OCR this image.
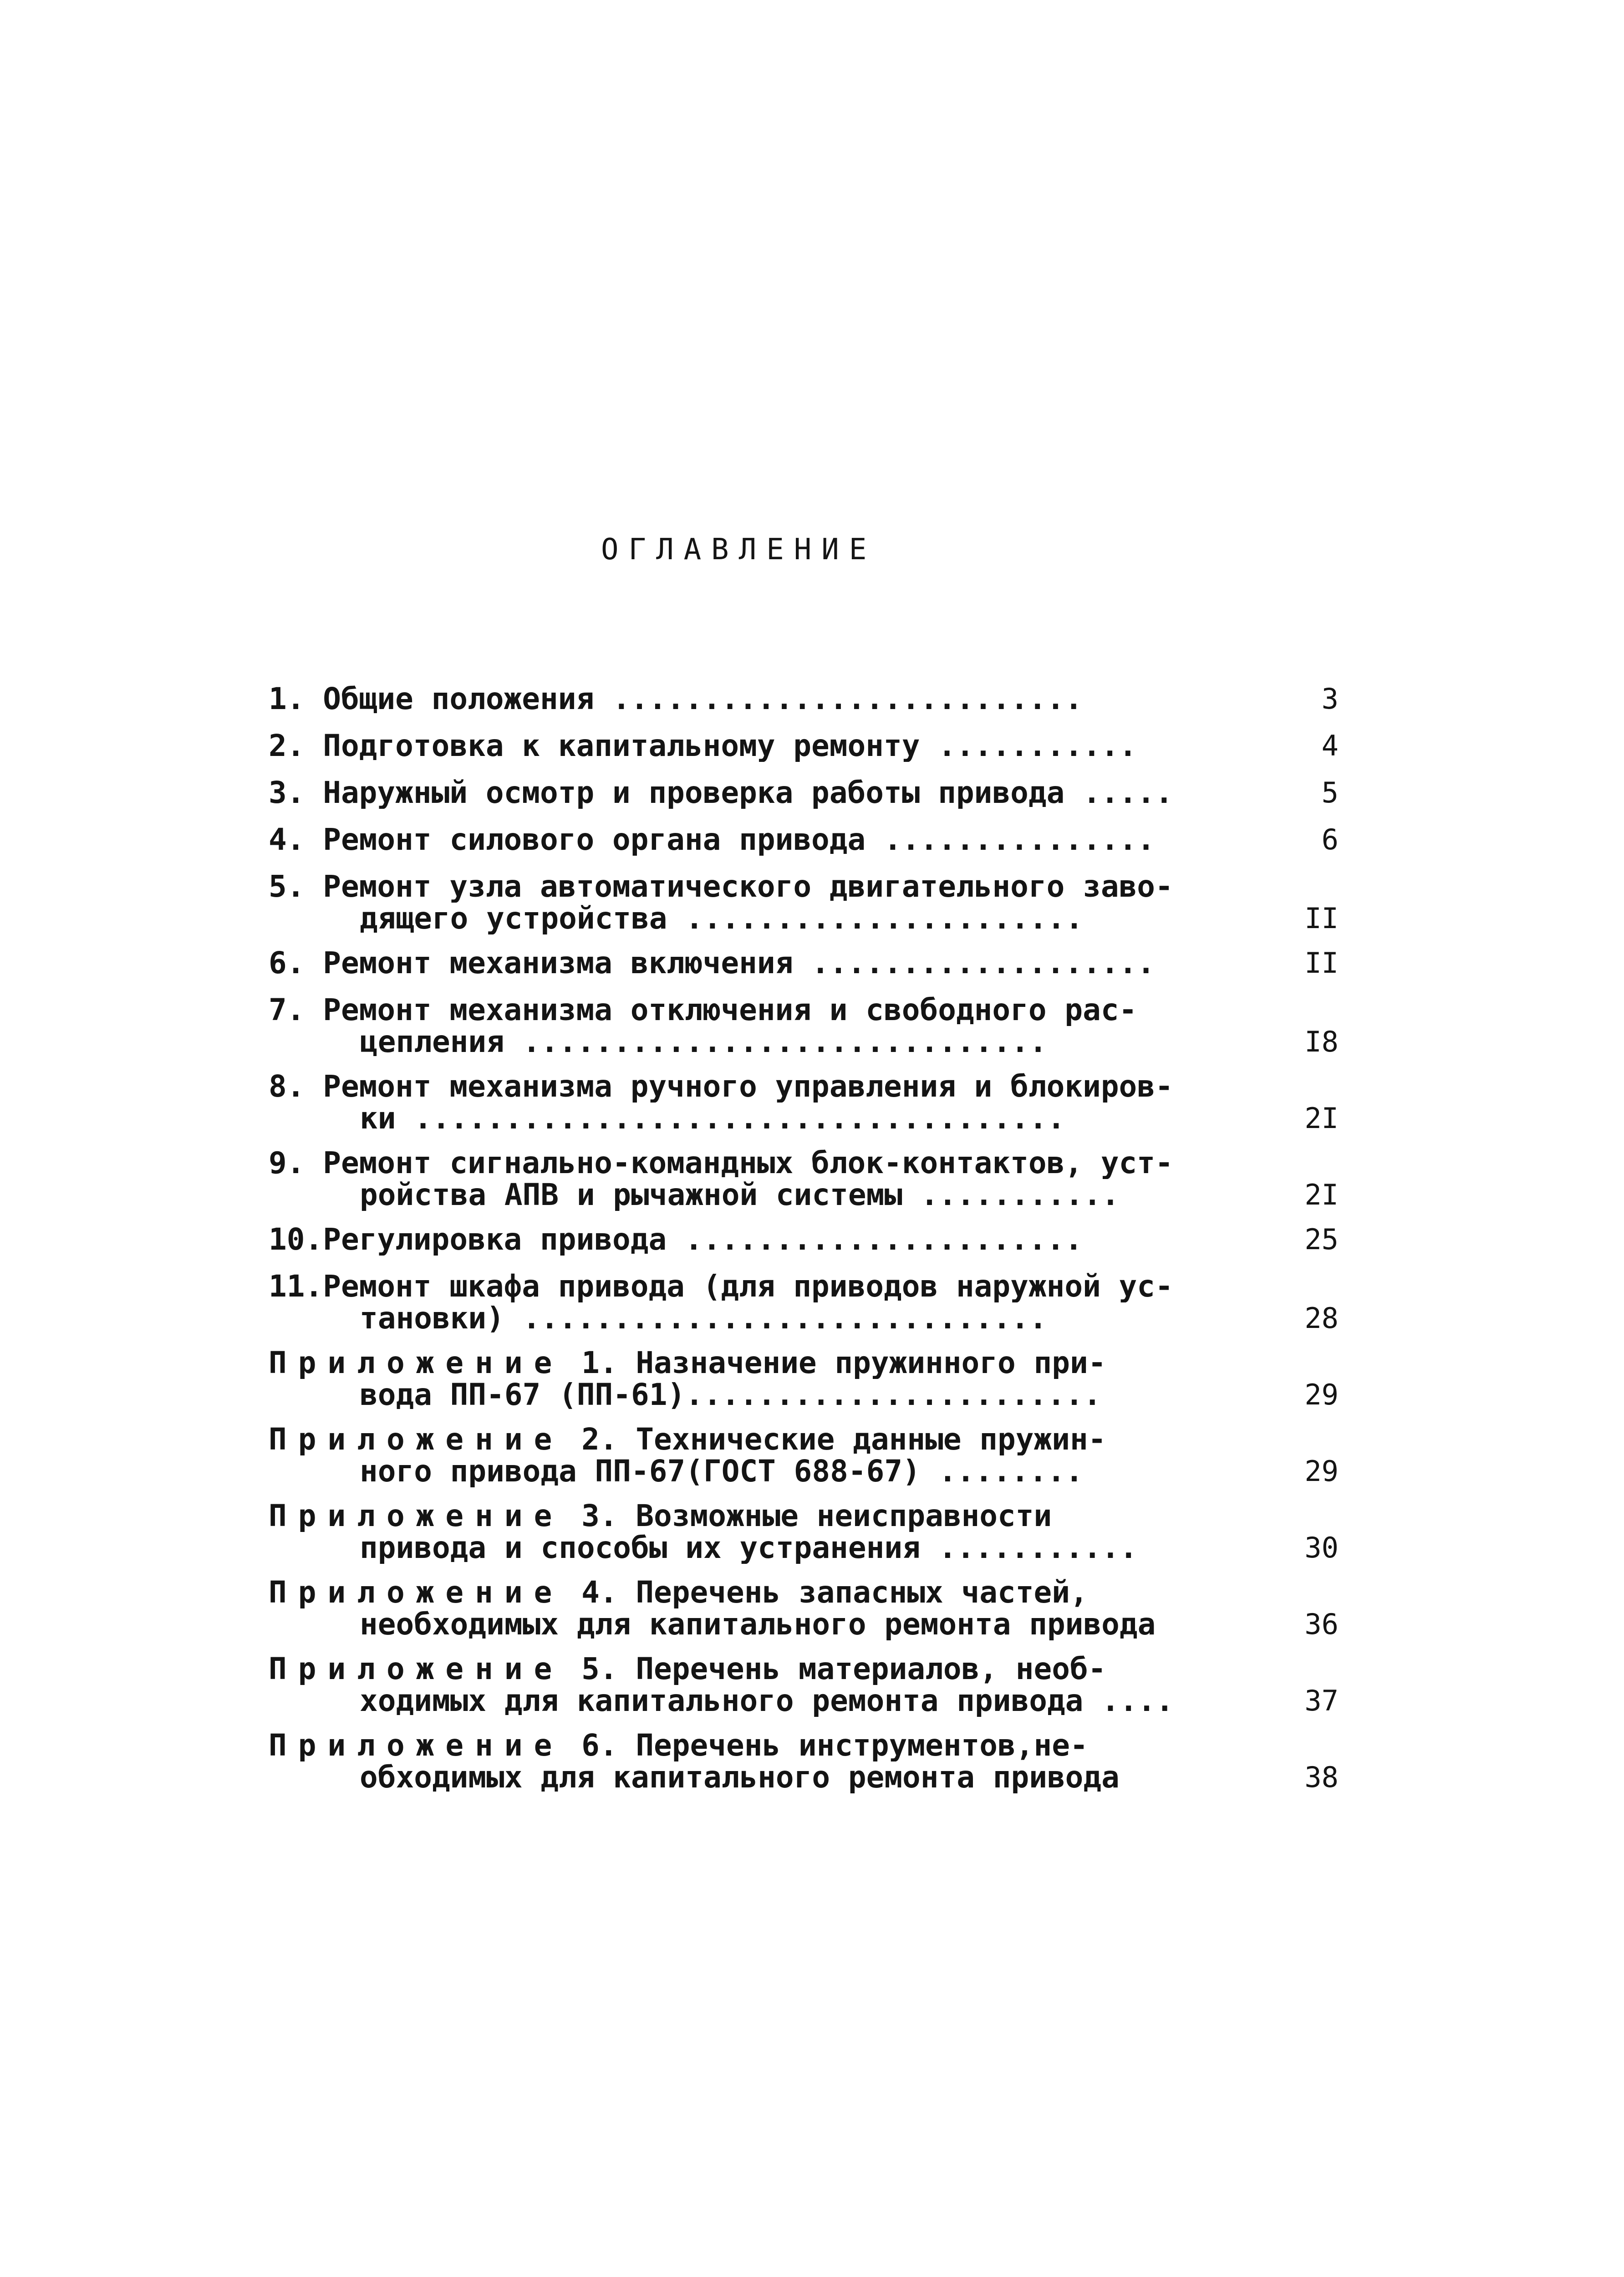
ОГЛАВЛЕНИЕ
1. Общие положения ..........................	3
2. Подготовка к капитальному ремонту ...........	4
3. Наружный осмотр и проверка работы привода .....	5
4. Ремонт силового органа привода ...............	6
5. Ремонт узла автоматического двигательного заво-
дящего устройства ......................	II
6. Ремонт механизма включения ...................	II
7. Ремонт механизма отключения и свободного рас-
цепления .............................	I8
8. Ремонт механизма ручного управления и блокиров-
ки ....................................	2I
9. Ремонт сигнально-командных блок-контактов, уст-
ройства АПВ и рычажной системы ...........	2I
10.Регулировка привода ......................	25
11.Ремонт шкафа привода (для приводов наружной ус-
тановки) .............................	28
Приложение 1. Назначение пружинного при-
вода ПП-67 (ПП-61).......................	29
Приложение 2. Технические данные пружин-
ного привода ПП-67(ГОСТ 688-67) ........	29
Приложение 3. Возможные неисправности
привода и способы их устранения ...........	30
Приложение 4. Перечень запасных частей,
необходимых для капитального ремонта привода	36
Приложение 5. Перечень материалов, необ-
ходимых для капитального ремонта привода ....	37
Приложение 6. Перечень инструментов,не-
обходимых для капитального ремонта привода	38
